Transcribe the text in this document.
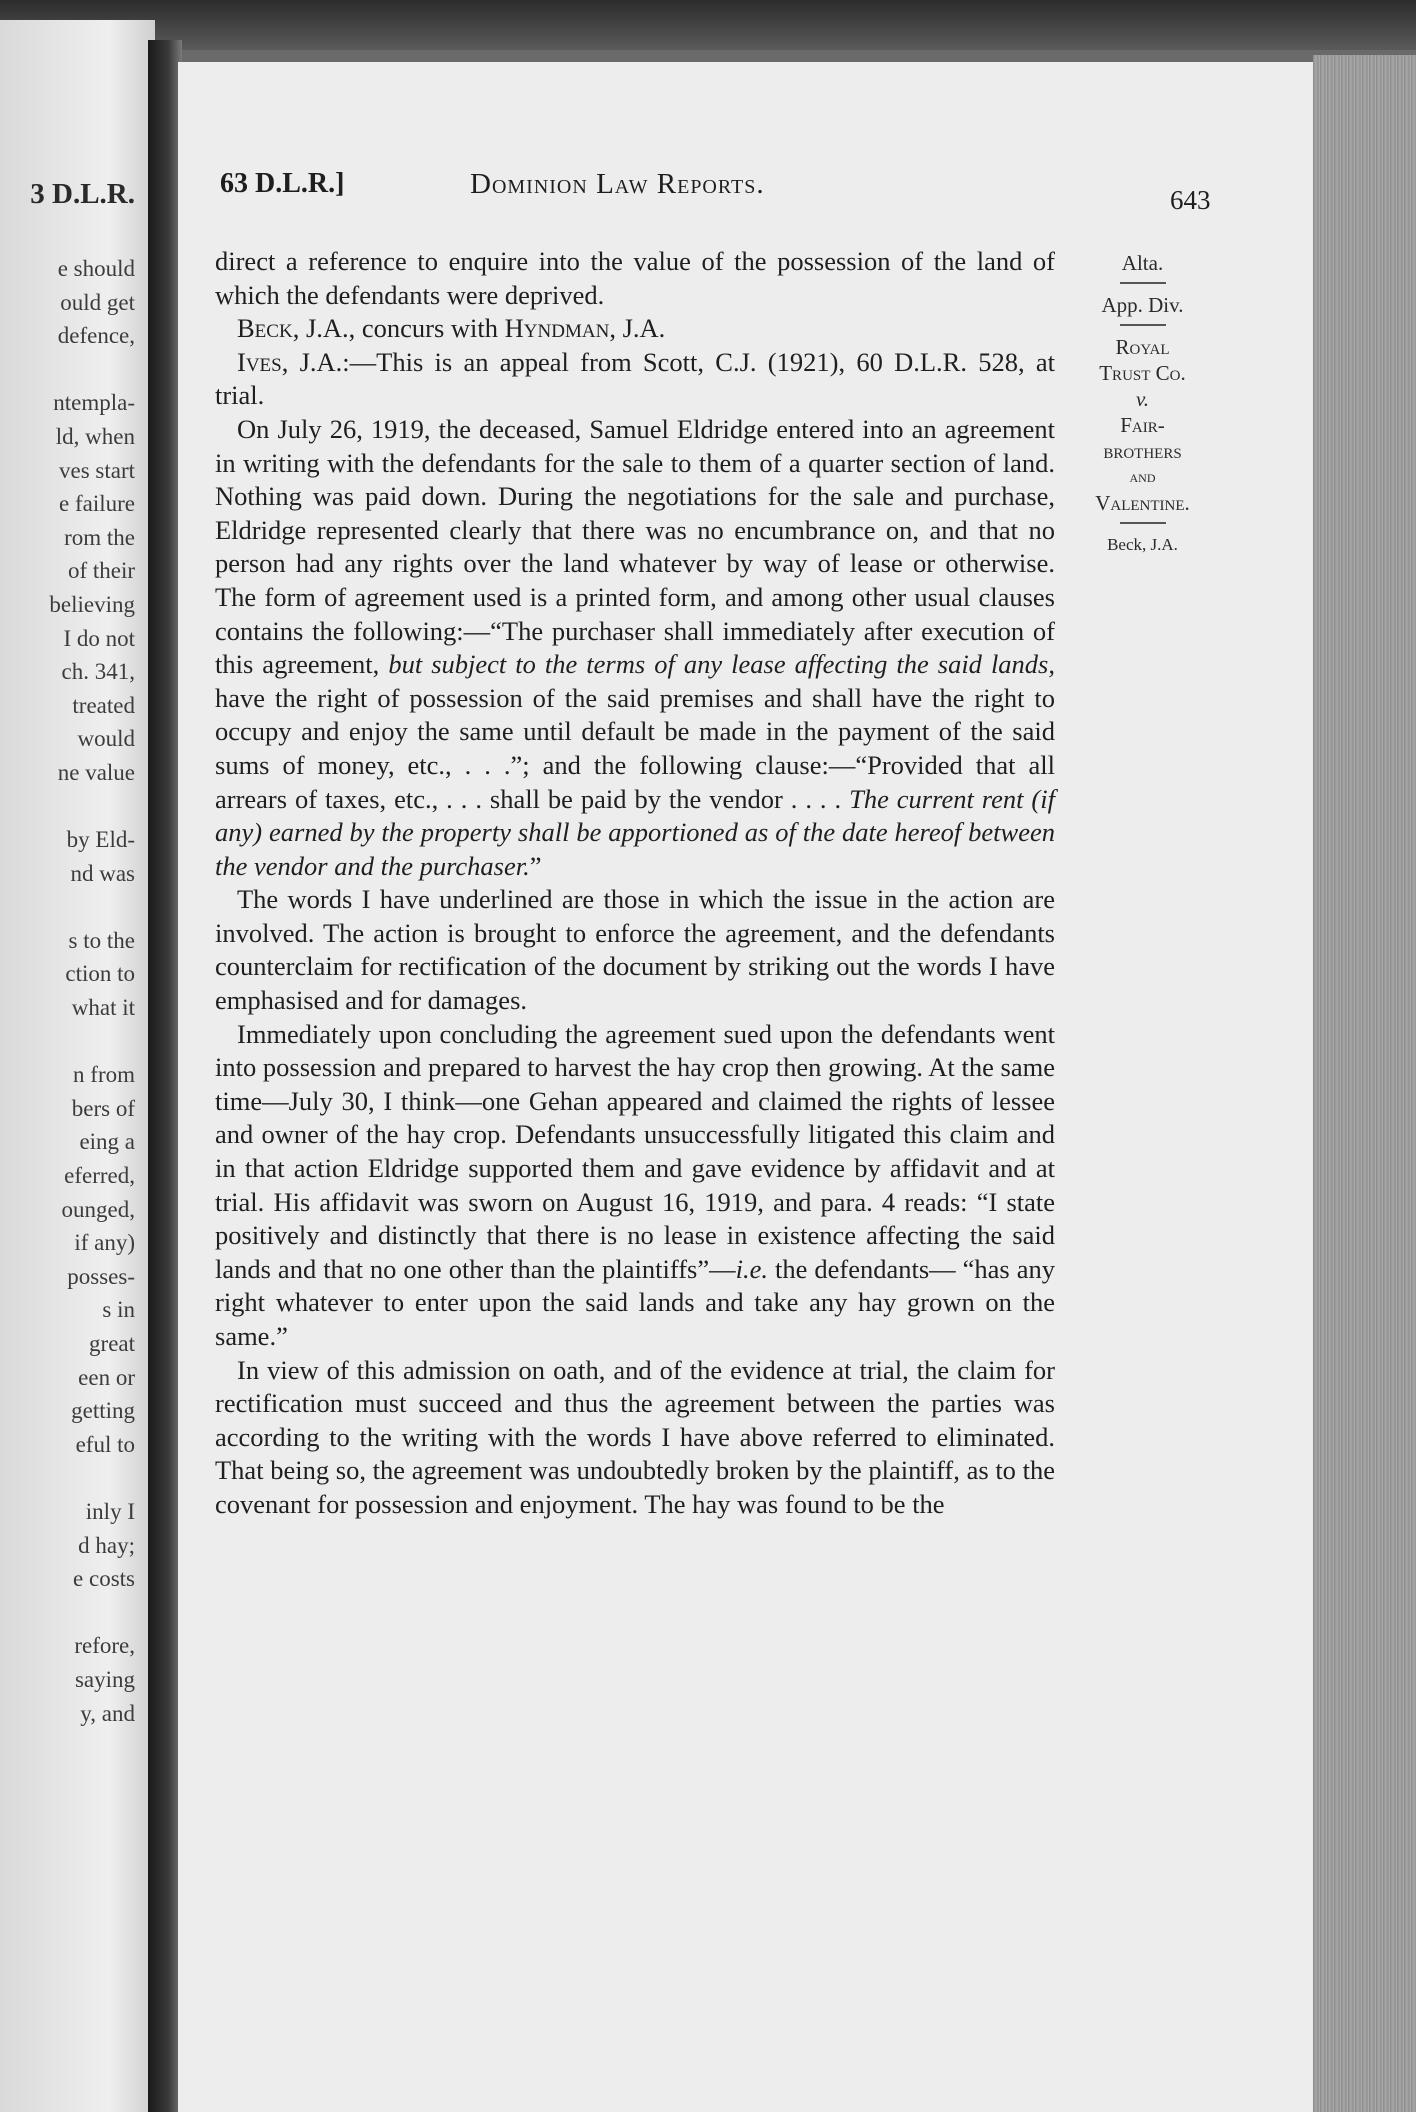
3 D.L.R.
e should
ould get
defence,
ntempla-
ld, when
ves start
e failure
rom the
of their
believing
I do not
ch. 341,
treated
would
ne value
by Eld-
nd was
s to the
ction to
what it
n from
bers of
eing a
eferred,
ounged,
if any)
posses-
s in
great
een or
getting
eful to
inly I
d hay;
e costs
refore,
saying
y, and
63 D.L.R.]	Dominion Law Reports.	643

direct a reference to enquire into the value of the possession of the land of which the defendants were deprived.

Beck, J.A., concurs with Hyndman, J.A.

Ives, J.A.:—This is an appeal from Scott, C.J. (1921), 60 D.L.R. 528, at trial.

On July 26, 1919, the deceased, Samuel Eldridge entered into an agreement in writing with the defendants for the sale to them of a quarter section of land. Nothing was paid down. During the negotiations for the sale and purchase, Eldridge represented clearly that there was no encumbrance on, and that no person had any rights over the land whatever by way of lease or otherwise. The form of agreement used is a printed form, and among other usual clauses contains the following:—“The purchaser shall immediately after execution of this agreement, but subject to the terms of any lease affecting the said lands, have the right of possession of the said premises and shall have the right to occupy and enjoy the same until default be made in the payment of the said sums of money, etc., . . .”; and the following clause:—“Provided that all arrears of taxes, etc., . . . shall be paid by the vendor . . . . The current rent (if any) earned by the property shall be apportioned as of the date hereof between the vendor and the purchaser.”

The words I have underlined are those in which the issue in the action are involved. The action is brought to enforce the agreement, and the defendants counterclaim for rectification of the document by striking out the words I have emphasised and for damages.

Immediately upon concluding the agreement sued upon the defendants went into possession and prepared to harvest the hay crop then growing. At the same time—July 30, I think—one Gehan appeared and claimed the rights of lessee and owner of the hay crop. Defendants unsuccessfully litigated this claim and in that action Eldridge supported them and gave evidence by affidavit and at trial. His affidavit was sworn on August 16, 1919, and para. 4 reads: “I state positively and distinctly that there is no lease in existence affecting the said lands and that no one other than the plaintiffs”—i.e. the defendants— “has any right whatever to enter upon the said lands and take any hay grown on the same.”

In view of this admission on oath, and of the evidence at trial, the claim for rectification must succeed and thus the agreement between the parties was according to the writing with the words I have above referred to eliminated. That being so, the agreement was undoubtedly broken by the plaintiff, as to the covenant for possession and enjoyment. The hay was found to be the

Alta.
App. Div.
Royal
Trust Co.
v.
Fair-
brothers
and
Valentine.
Beck, J.A.
